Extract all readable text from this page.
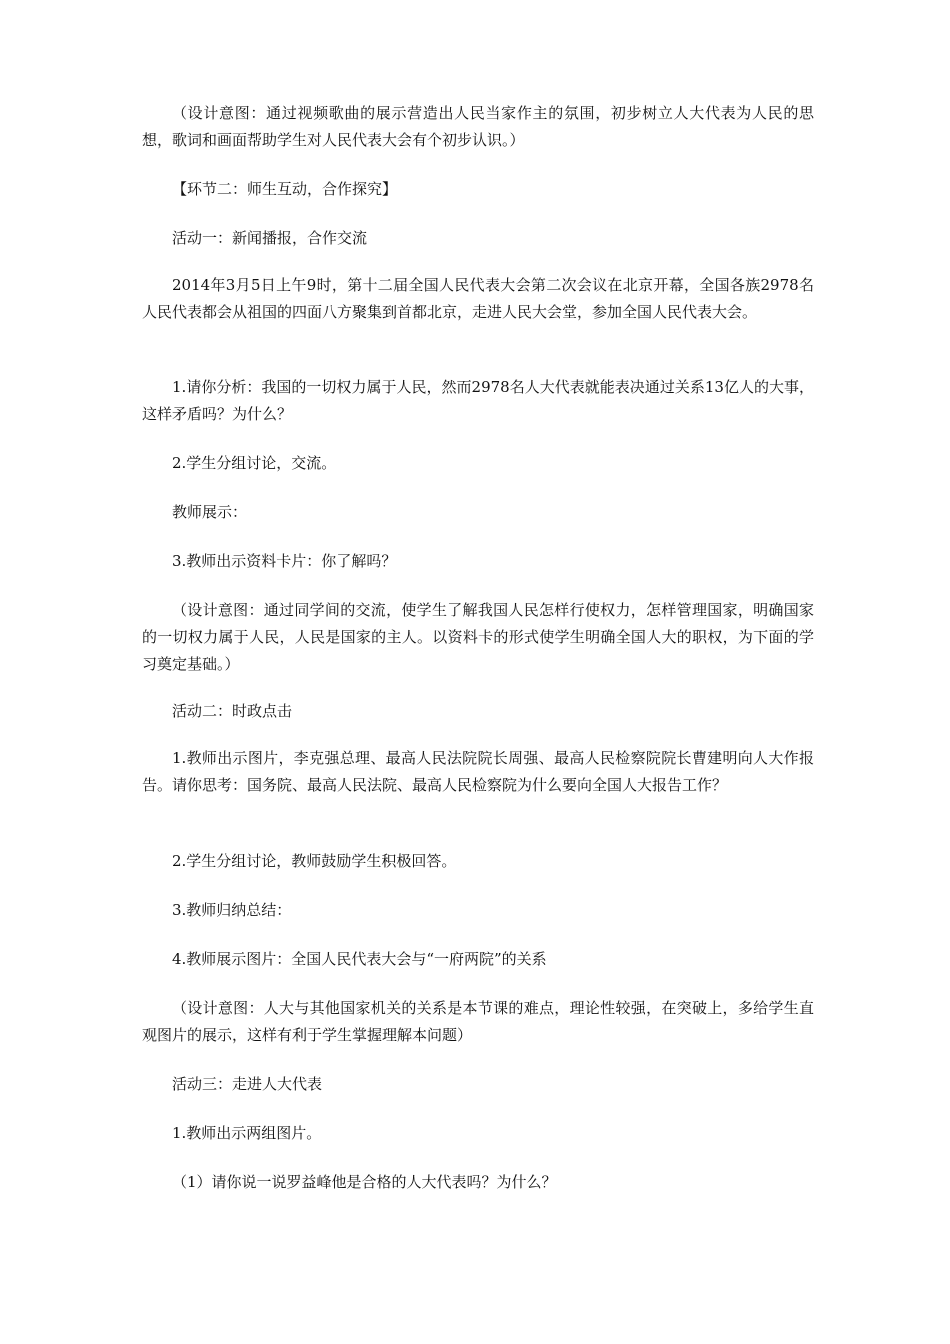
（设计意图：通过视频歌曲的展示营造出人民当家作主的氛围，初步树立人大代表为人民的思想，歌词和画面帮助学生对人民代表大会有个初步认识。）

【环节二：师生互动，合作探究】

活动一：新闻播报，合作交流

2014年3月5日上午9时，第十二届全国人民代表大会第二次会议在北京开幕，全国各族2978名人民代表都会从祖国的四面八方聚集到首都北京，走进人民大会堂，参加全国人民代表大会。

1.请你分析：我国的一切权力属于人民，然而2978名人大代表就能表决通过关系13亿人的大事，这样矛盾吗？为什么？

2.学生分组讨论，交流。

教师展示：

3.教师出示资料卡片：你了解吗？

（设计意图：通过同学间的交流，使学生了解我国人民怎样行使权力，怎样管理国家，明确国家的一切权力属于人民，人民是国家的主人。以资料卡的形式使学生明确全国人大的职权，为下面的学习奠定基础。）

活动二：时政点击

1.教师出示图片，李克强总理、最高人民法院院长周强、最高人民检察院院长曹建明向人大作报告。请你思考：国务院、最高人民法院、最高人民检察院为什么要向全国人大报告工作？

2.学生分组讨论，教师鼓励学生积极回答。

3.教师归纳总结：

4.教师展示图片：全国人民代表大会与“一府两院”的关系

（设计意图：人大与其他国家机关的关系是本节课的难点，理论性较强，在突破上，多给学生直观图片的展示，这样有利于学生掌握理解本问题）

活动三：走进人大代表

1.教师出示两组图片。

（1）请你说一说罗益峰他是合格的人大代表吗？为什么？
